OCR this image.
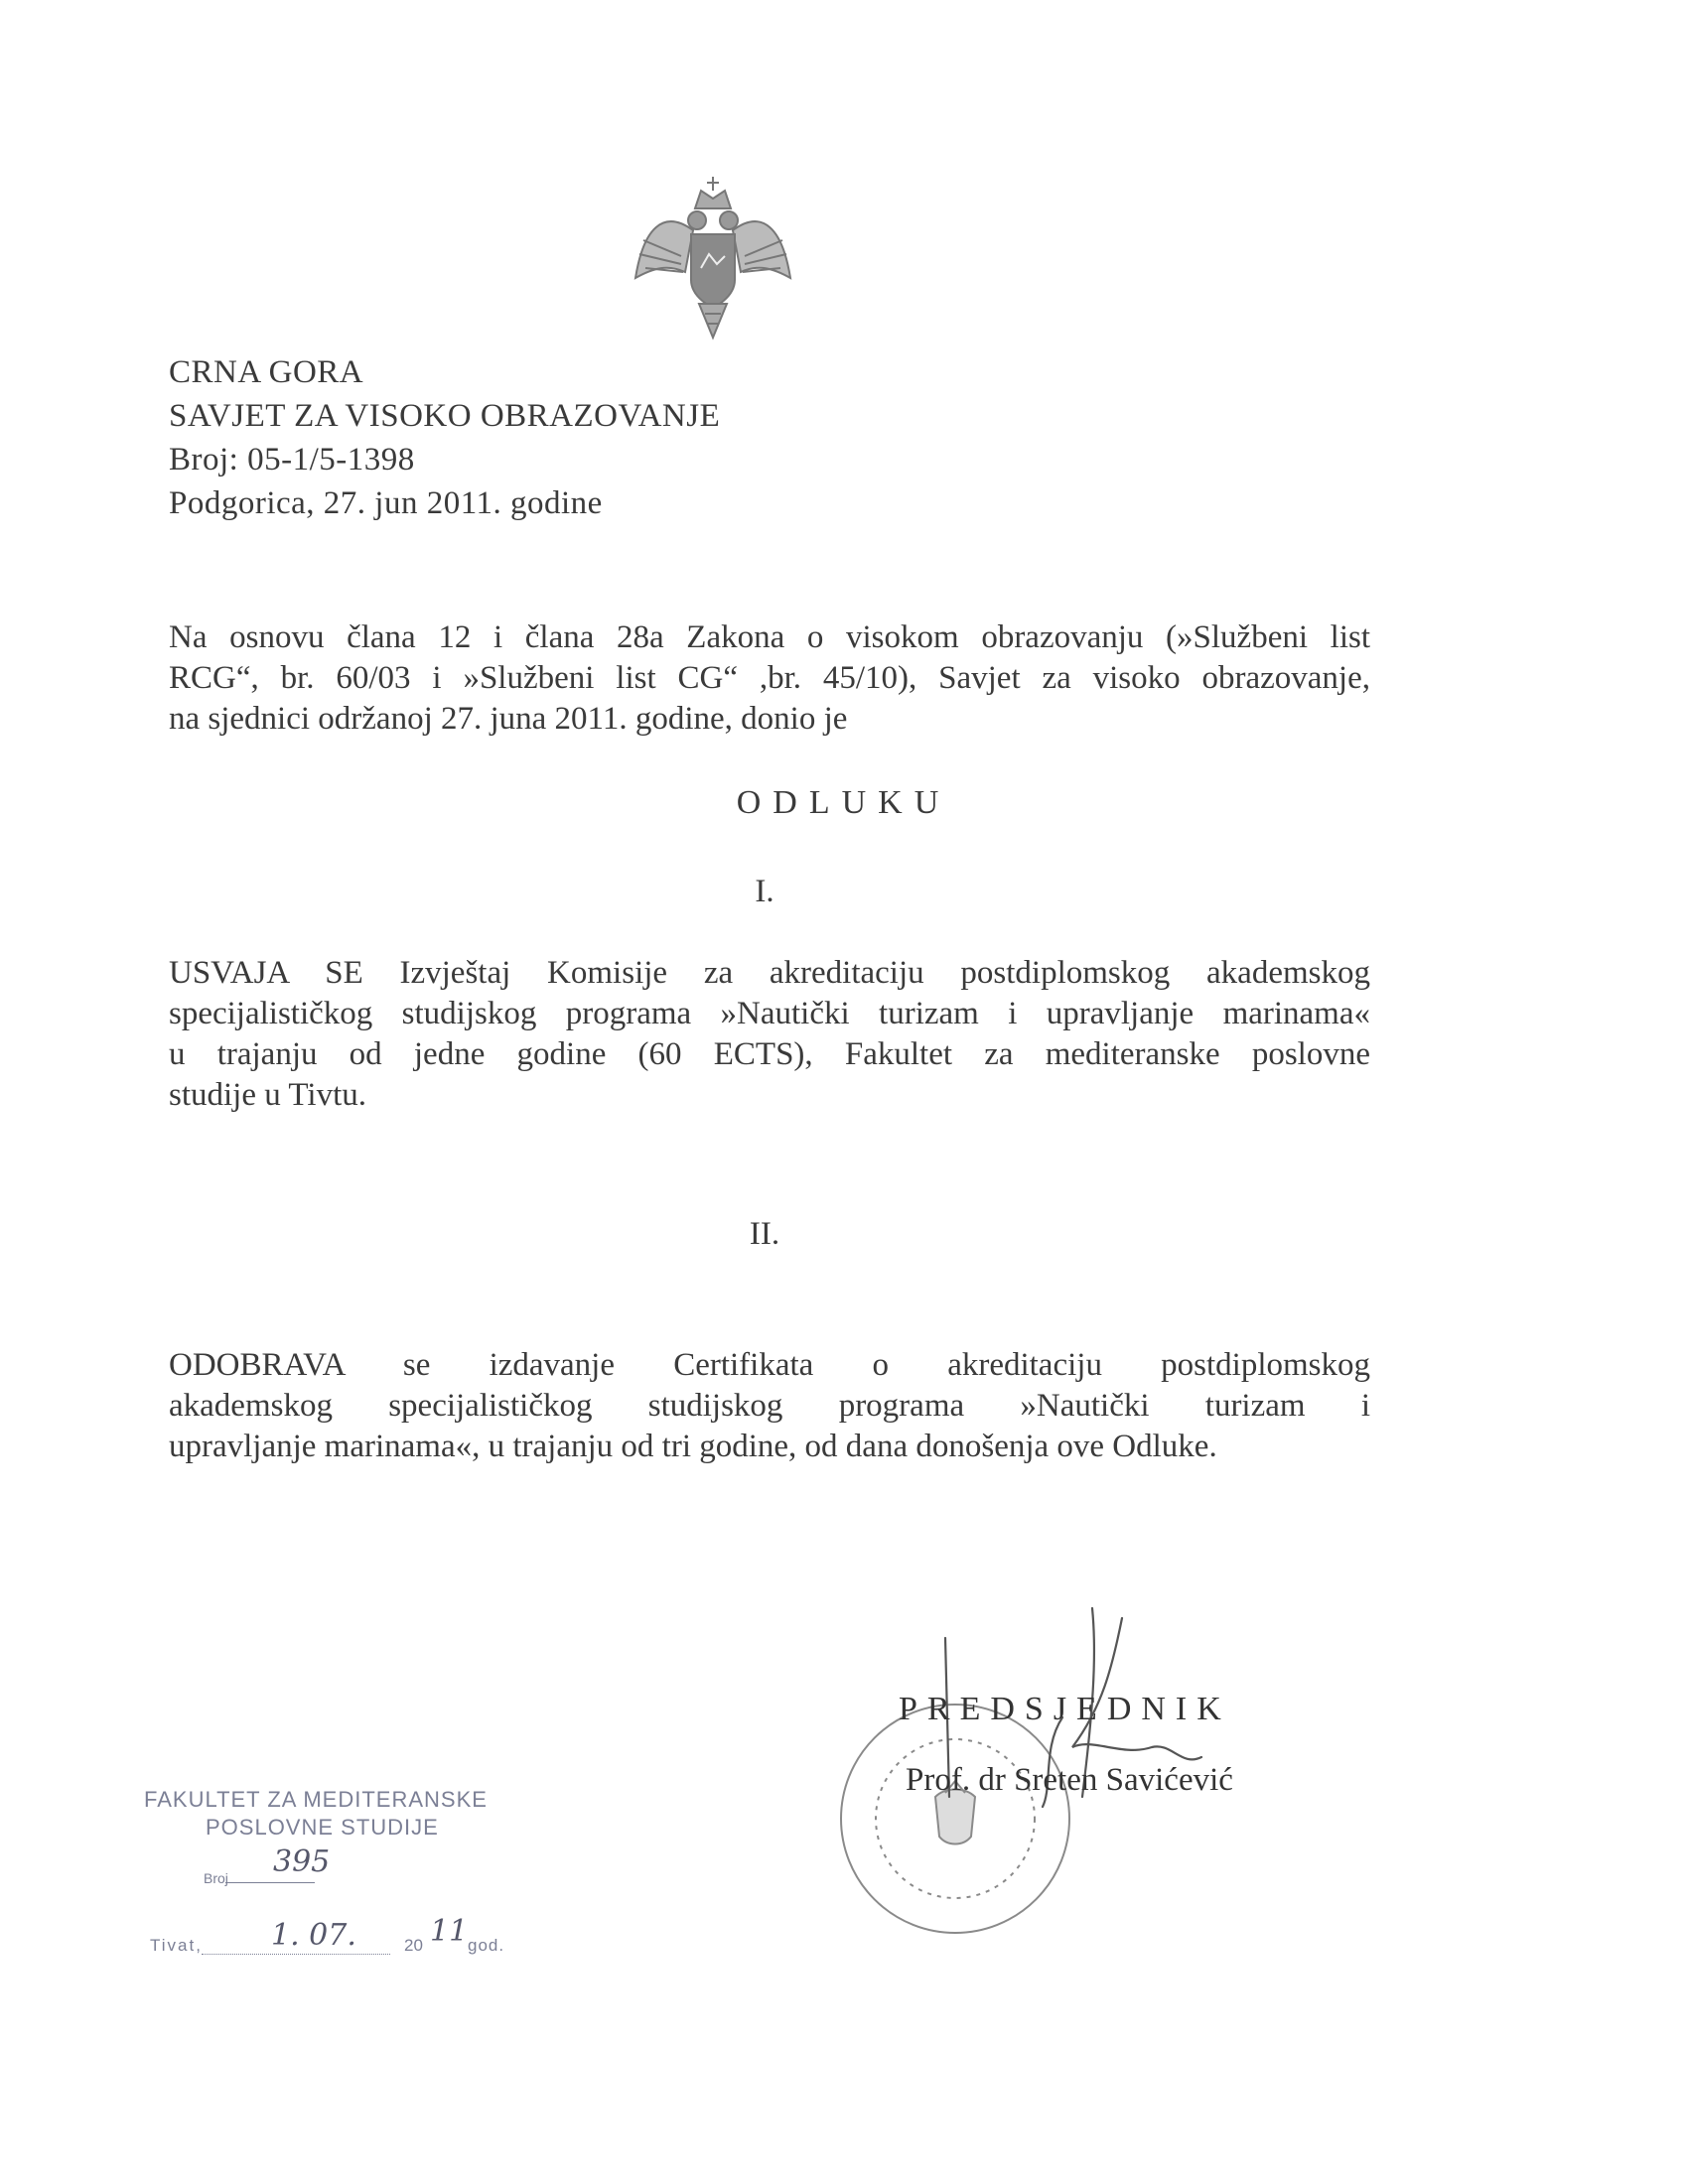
CRNA GORA
SAVJET ZA VISOKO OBRAZOVANJE
Broj: 05-1/5-1398
Podgorica, 27. jun 2011. godine
Na osnovu člana 12 i člana 28a Zakona o visokom obrazovanju (»Službeni list
RCG“, br. 60/03 i »Službeni list CG“ ,br. 45/10), Savjet za visoko obrazovanje,
na sjednici održanoj 27. juna 2011. godine, donio je
ODLUKU
I.
USVAJA SE Izvještaj Komisije za akreditaciju postdiplomskog akademskog
specijalističkog studijskog programa »Nautički turizam i upravljanje marinama«
u trajanju od jedne godine (60 ECTS), Fakultet za mediteranske poslovne
studije u Tivtu.
II.
ODOBRAVA se izdavanje Certifikata o akreditaciju postdiplomskog
akademskog specijalističkog studijskog programa »Nautički turizam i
upravljanje marinama«, u trajanju od tri godine, od dana donošenja ove Odluke.
PREDSJEDNIK
Prof. dr Sreten Savićević
FAKULTET ZA MEDITERANSKE
POSLOVNE STUDIJE
Broj 395
Tivat, 1. 07.	20 11 god.
